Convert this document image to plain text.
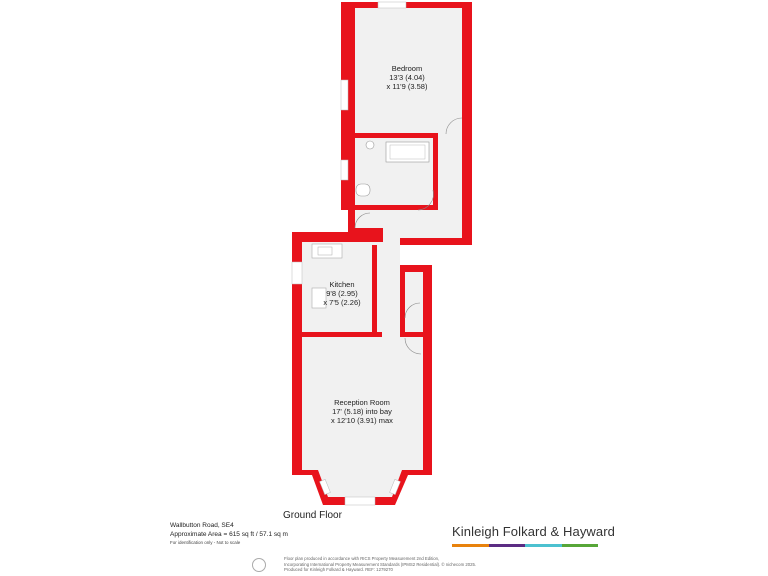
Bedroom
13'3 (4.04)
x 11'9 (3.58)
Kitchen
9'8 (2.95)
x 7'5 (2.26)
Reception Room
17' (5.18) into bay
x 12'10 (3.91) max
Ground Floor
Wallbutton Road, SE4
Approximate Area = 615 sq ft / 57.1 sq m
For identification only - Not to scale
Kinleigh Folkard & Hayward
Floor plan produced in accordance with RICS Property Measurement 2nd Edition,
Incorporating International Property Measurement Standards (IPMS2 Residential). © nichecom 2025.
Produced for Kinleigh Folkard & Hayward. REF: 1279270
